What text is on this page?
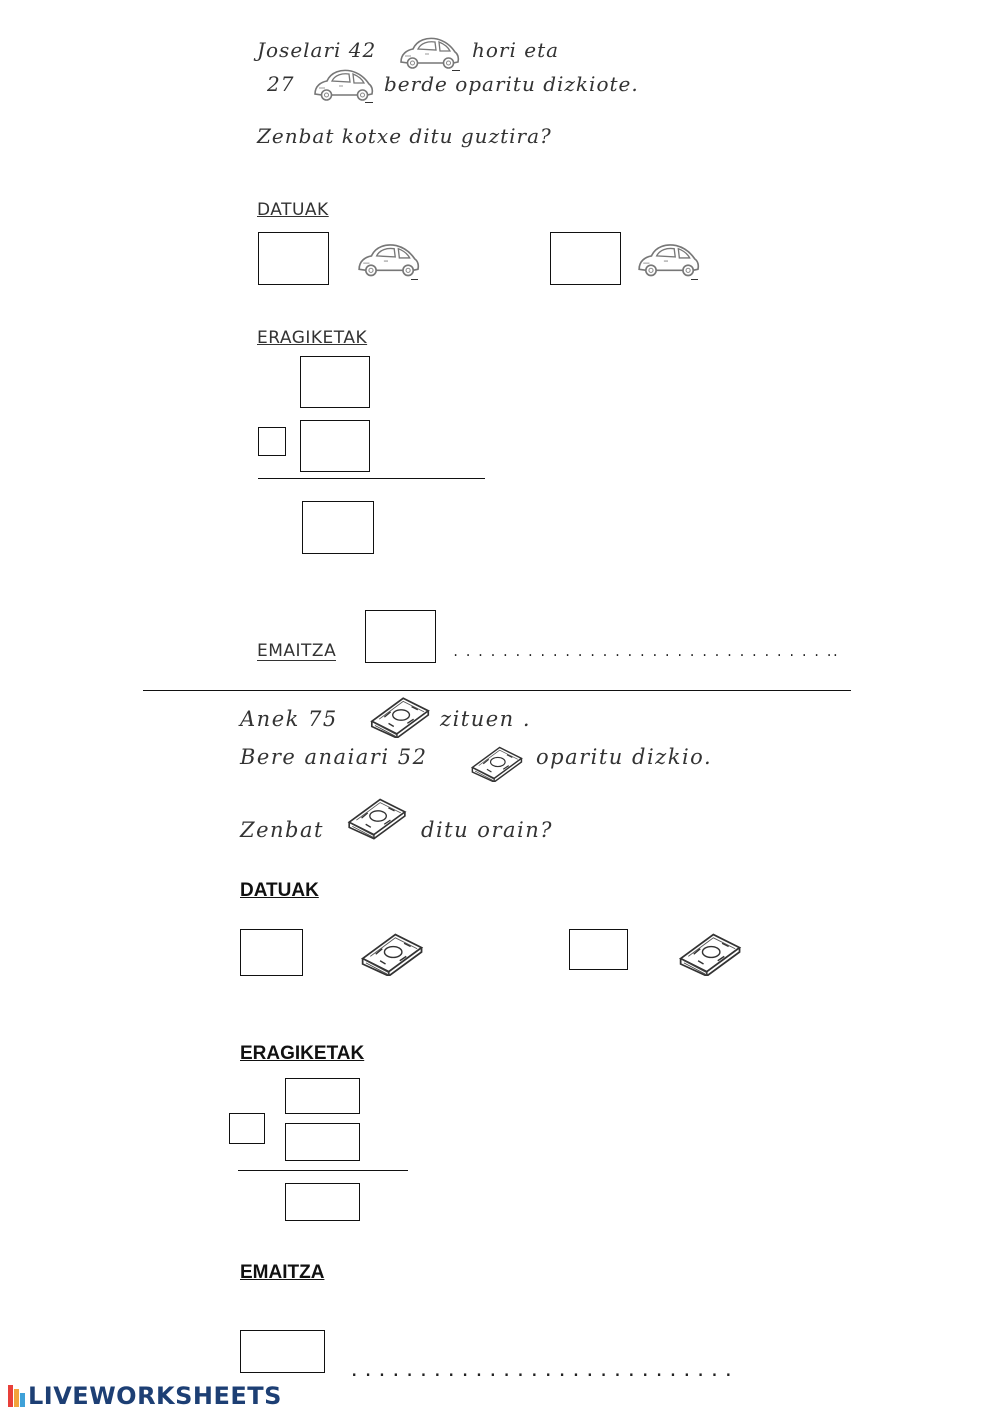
Joselari 42	hori eta
27	berde oparitu dizkiote.
Zenbat kotxe ditu guztira?
DATUAK
ERAGIKETAK
EMAITZA	. . . . . . . . . . . . . . . . . . . . . . . . . . . . . . ..
Anek 75	zituen .
Bere anaiari 52	oparitu dizkio.
Zenbat	ditu orain?
DATUAK
ERAGIKETAK
EMAITZA
. . . . . . . . . . . . . . . . . . . . . . . . . . . .
LIVEWORKSHEETS
